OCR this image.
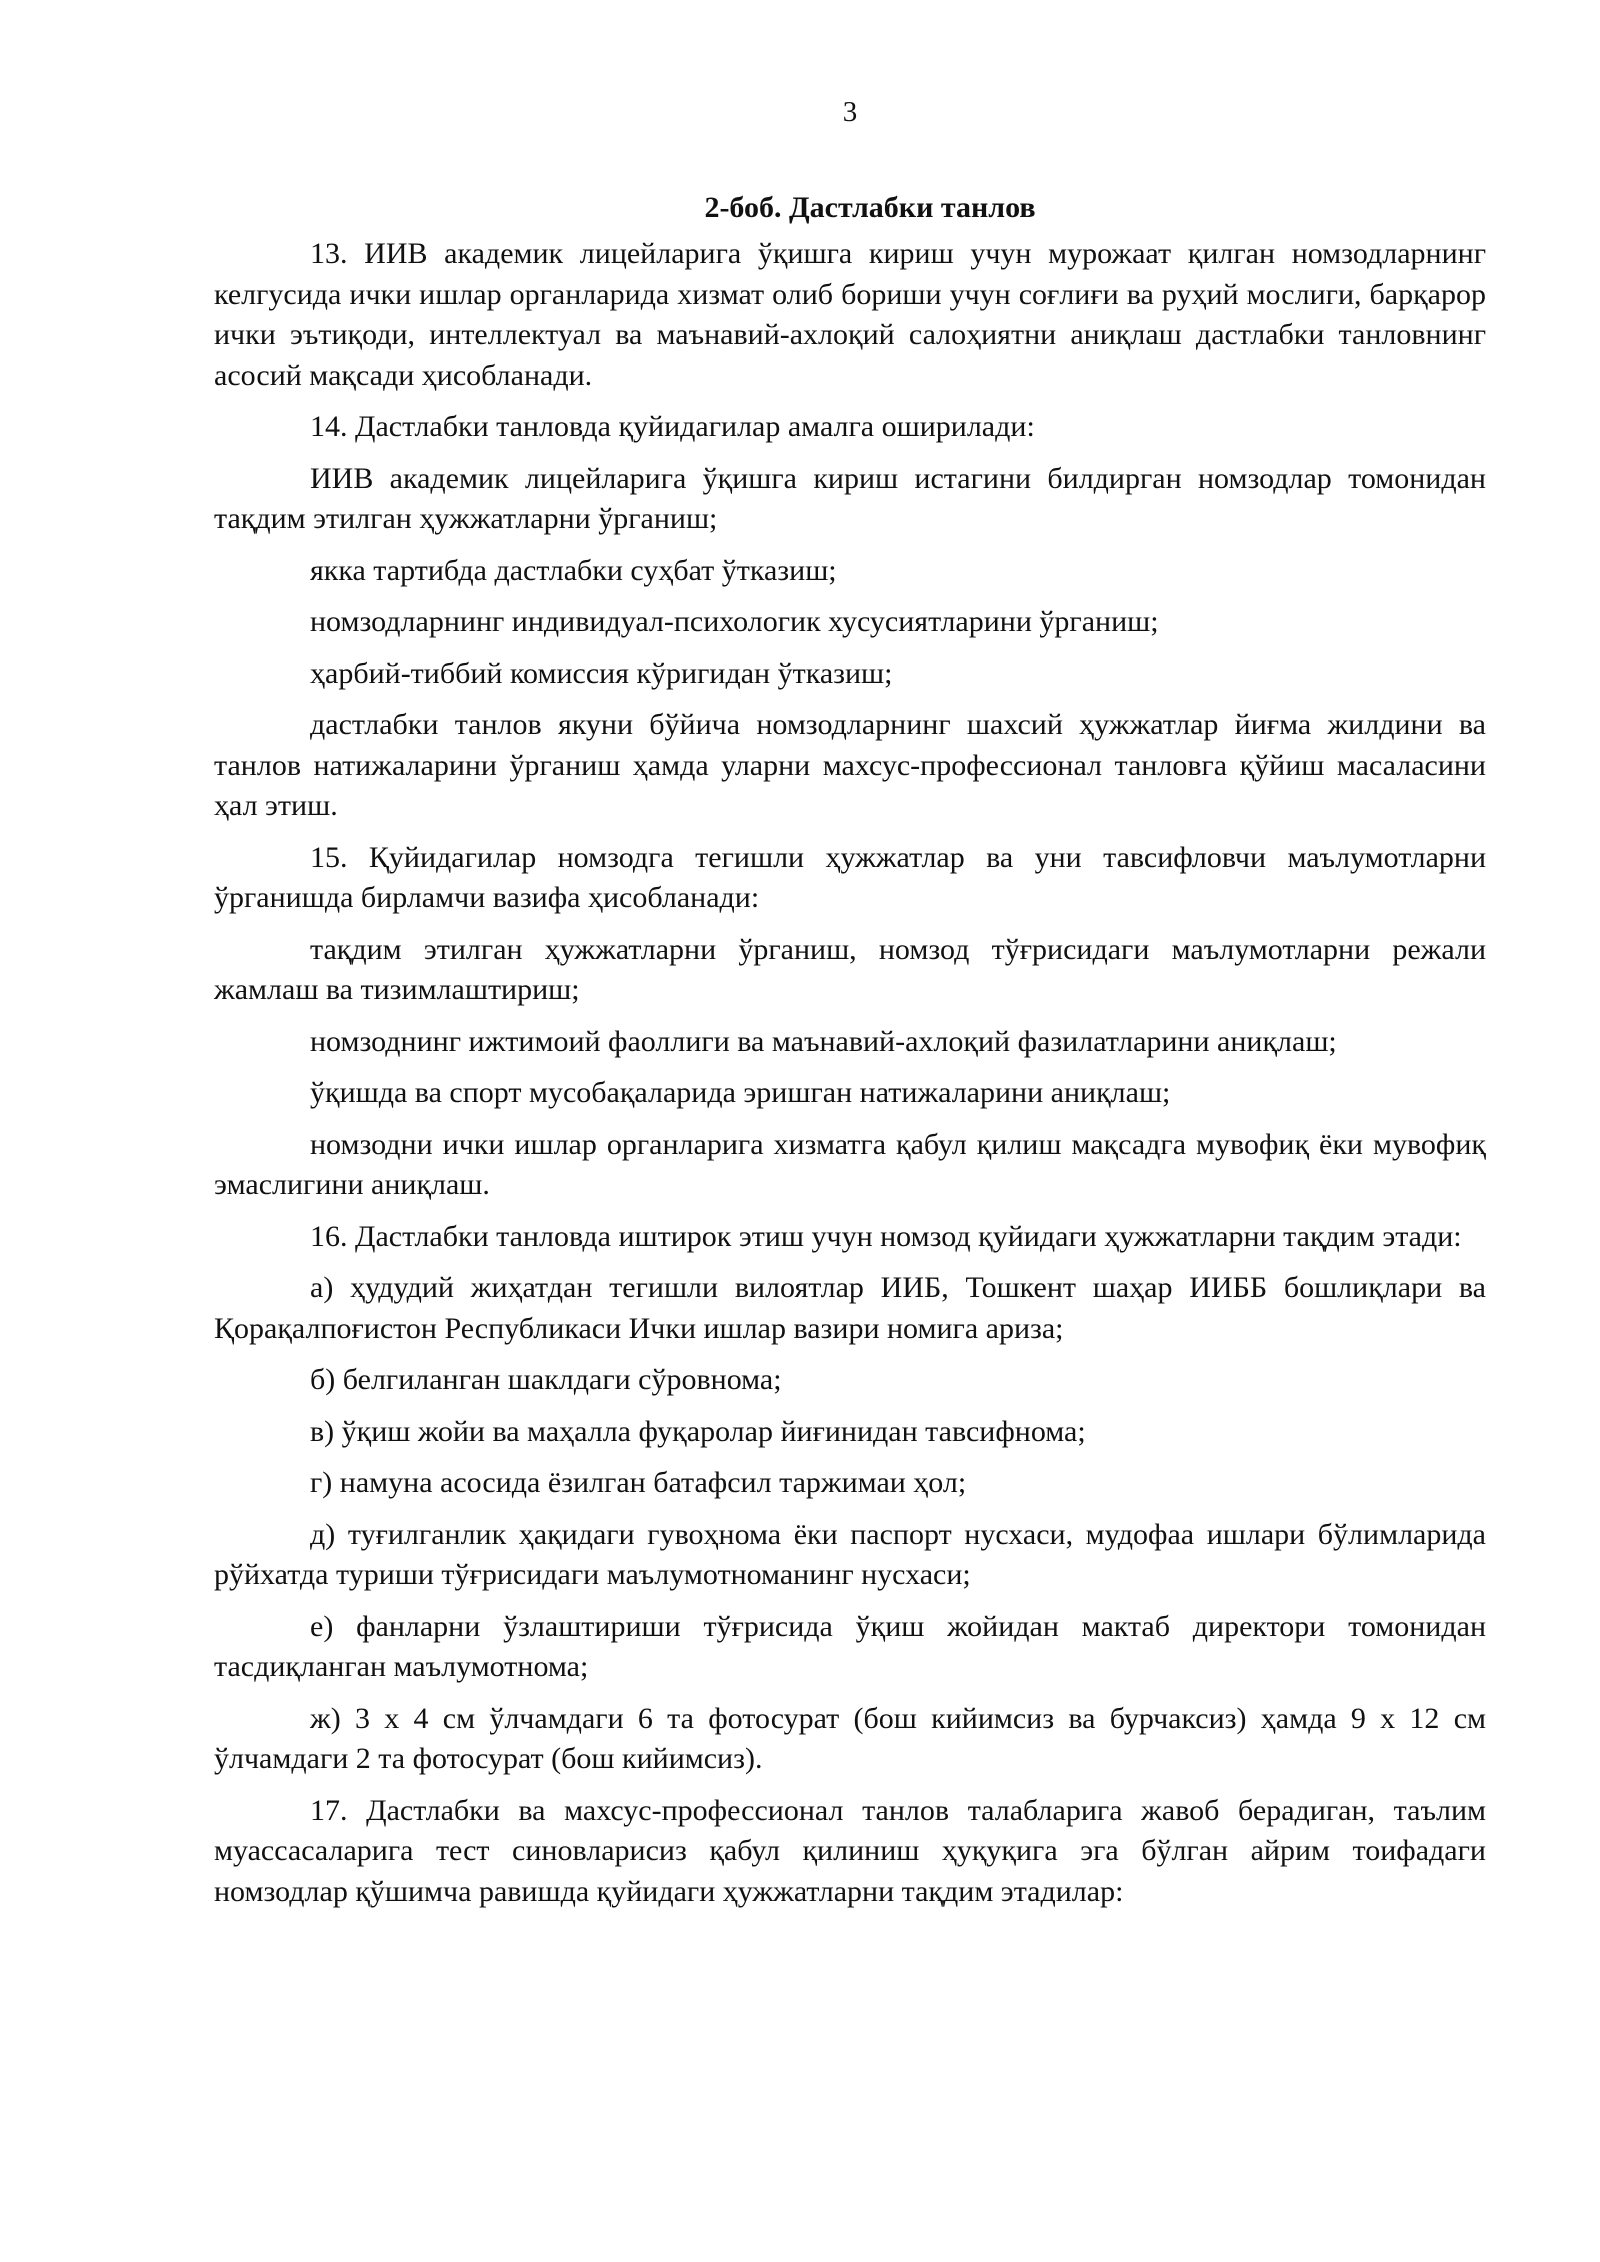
3
2-боб. Дастлабки танлов

13. ИИВ академик лицейларига ўқишга кириш учун мурожаат қилган номзодларнинг келгусида ички ишлар органларида хизмат олиб бориши учун соғлиғи ва руҳий мослиги, барқарор ички эътиқоди, интеллектуал ва маънавий-ахлоқий салоҳиятни аниқлаш дастлабки танловнинг асосий мақсади ҳисобланади.

14. Дастлабки танловда қуйидагилар амалга оширилади:

ИИВ академик лицейларига ўқишга кириш истагини билдирган номзодлар томонидан тақдим этилган ҳужжатларни ўрганиш;

якка тартибда дастлабки суҳбат ўтказиш;

номзодларнинг индивидуал-психологик хусусиятларини ўрганиш;

ҳарбий-тиббий комиссия кўригидан ўтказиш;

дастлабки танлов якуни бўйича номзодларнинг шахсий ҳужжатлар йиғма жилдини ва танлов натижаларини ўрганиш ҳамда уларни махсус-профессионал танловга қўйиш масаласини ҳал этиш.

15. Қуйидагилар номзодга тегишли ҳужжатлар ва уни тавсифловчи маълумотларни ўрганишда бирламчи вазифа ҳисобланади:

тақдим этилган ҳужжатларни ўрганиш, номзод тўғрисидаги маълумотларни режали жамлаш ва тизимлаштириш;

номзоднинг ижтимоий фаоллиги ва маънавий-ахлоқий фазилатларини аниқлаш;

ўқишда ва спорт мусобақаларида эришган натижаларини аниқлаш;

номзодни ички ишлар органларига хизматга қабул қилиш мақсадга мувофиқ ёки мувофиқ эмаслигини аниқлаш.

16. Дастлабки танловда иштирок этиш учун номзод қуйидаги ҳужжатларни тақдим этади:

а) ҳудудий жиҳатдан тегишли вилоятлар ИИБ, Тошкент шаҳар ИИББ бошлиқлари ва Қорақалпоғистон Республикаси Ички ишлар вазири номига ариза;

б) белгиланган шаклдаги сўровнома;

в) ўқиш жойи ва маҳалла фуқаролар йиғинидан тавсифнома;

г) намуна асосида ёзилган батафсил таржимаи ҳол;

д) туғилганлик ҳақидаги гувоҳнома ёки паспорт нусхаси, мудофаа ишлари бўлимларида рўйхатда туриши тўғрисидаги маълумотноманинг нусхаси;

е) фанларни ўзлаштириши тўғрисида ўқиш жойидан мактаб директори томонидан тасдиқланган маълумотнома;

ж) 3 х 4 см ўлчамдаги 6 та фотосурат (бош кийимсиз ва бурчаксиз) ҳамда 9 х 12 см ўлчамдаги 2 та фотосурат (бош кийимсиз).

17. Дастлабки ва махсус-профессионал танлов талабларига жавоб берадиган, таълим муассасаларига тест синовларисиз қабул қилиниш ҳуқуқига эга бўлган айрим тоифадаги номзодлар қўшимча равишда қуйидаги ҳужжатларни тақдим этадилар:
